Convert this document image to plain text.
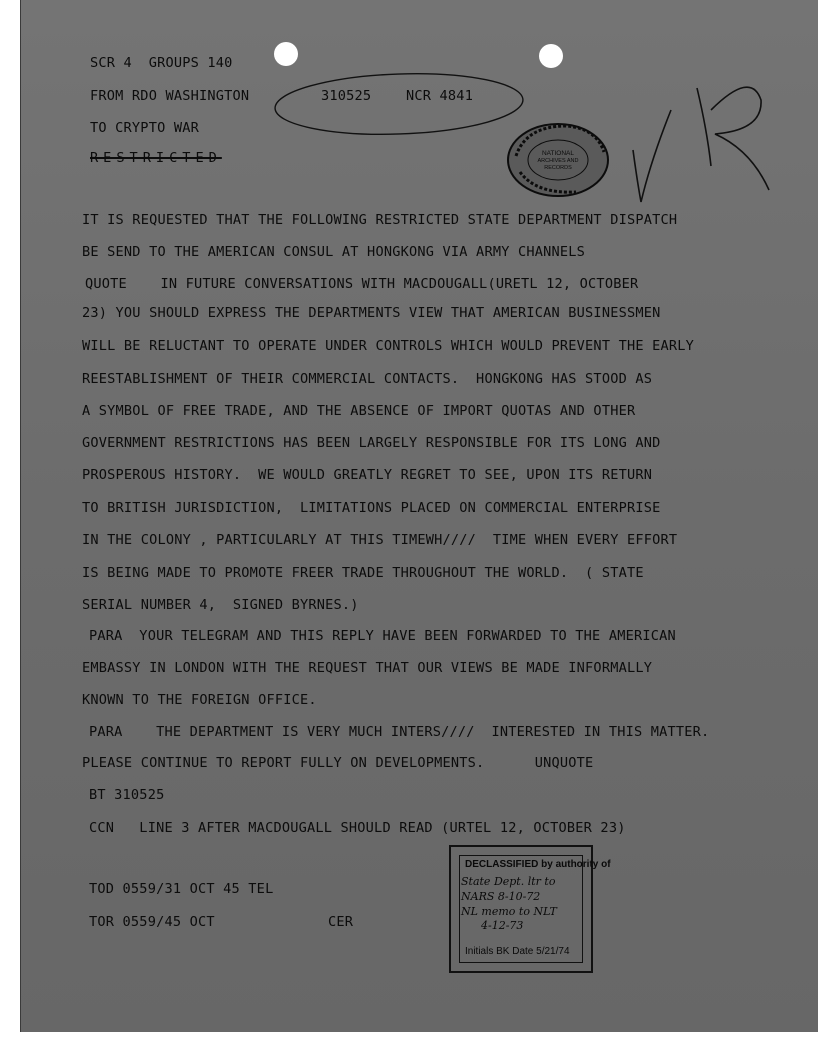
SCR 4  GROUPS 140
FROM RDO WASHINGTON	310525	NCR 4841
TO CRYPTO WAR
RESTRICTED	NATIONAL
ARCHIVES AND
RECORDS
IT IS REQUESTED THAT THE FOLLOWING RESTRICTED STATE DEPARTMENT DISPATCH
BE SEND TO THE AMERICAN CONSUL AT HONGKONG VIA ARMY CHANNELS
QUOTE    IN FUTURE CONVERSATIONS WITH MACDOUGALL(URETL 12, OCTOBER
23) YOU SHOULD EXPRESS THE DEPARTMENTS VIEW THAT AMERICAN BUSINESSMEN
WILL BE RELUCTANT TO OPERATE UNDER CONTROLS WHICH WOULD PREVENT THE EARLY
REESTABLISHMENT OF THEIR COMMERCIAL CONTACTS.  HONGKONG HAS STOOD AS
A SYMBOL OF FREE TRADE, AND THE ABSENCE OF IMPORT QUOTAS AND OTHER
GOVERNMENT RESTRICTIONS HAS BEEN LARGELY RESPONSIBLE FOR ITS LONG AND
PROSPEROUS HISTORY.  WE WOULD GREATLY REGRET TO SEE, UPON ITS RETURN
TO BRITISH JURISDICTION,  LIMITATIONS PLACED ON COMMERCIAL ENTERPRISE
IN THE COLONY , PARTICULARLY AT THIS TIMEWH////  TIME WHEN EVERY EFFORT
IS BEING MADE TO PROMOTE FREER TRADE THROUGHOUT THE WORLD.  ( STATE
SERIAL NUMBER 4,  SIGNED BYRNES.)
PARA  YOUR TELEGRAM AND THIS REPLY HAVE BEEN FORWARDED TO THE AMERICAN
EMBASSY IN LONDON WITH THE REQUEST THAT OUR VIEWS BE MADE INFORMALLY
KNOWN TO THE FOREIGN OFFICE.
PARA    THE DEPARTMENT IS VERY MUCH INTERS////  INTERESTED IN THIS MATTER.
PLEASE CONTINUE TO REPORT FULLY ON DEVELOPMENTS.      UNQUOTE
BT 310525
CCN   LINE 3 AFTER MACDOUGALL SHOULD READ (URTEL 12, OCTOBER 23)
TOD 0559/31 OCT 45 TEL
TOR 0559/45 OCT	CER
DECLASSIFIED by authority of
State Dept. ltr to
NARS 8-10-72
NL memo to NLT
4-12-73
Initials BK Date 5/21/74
